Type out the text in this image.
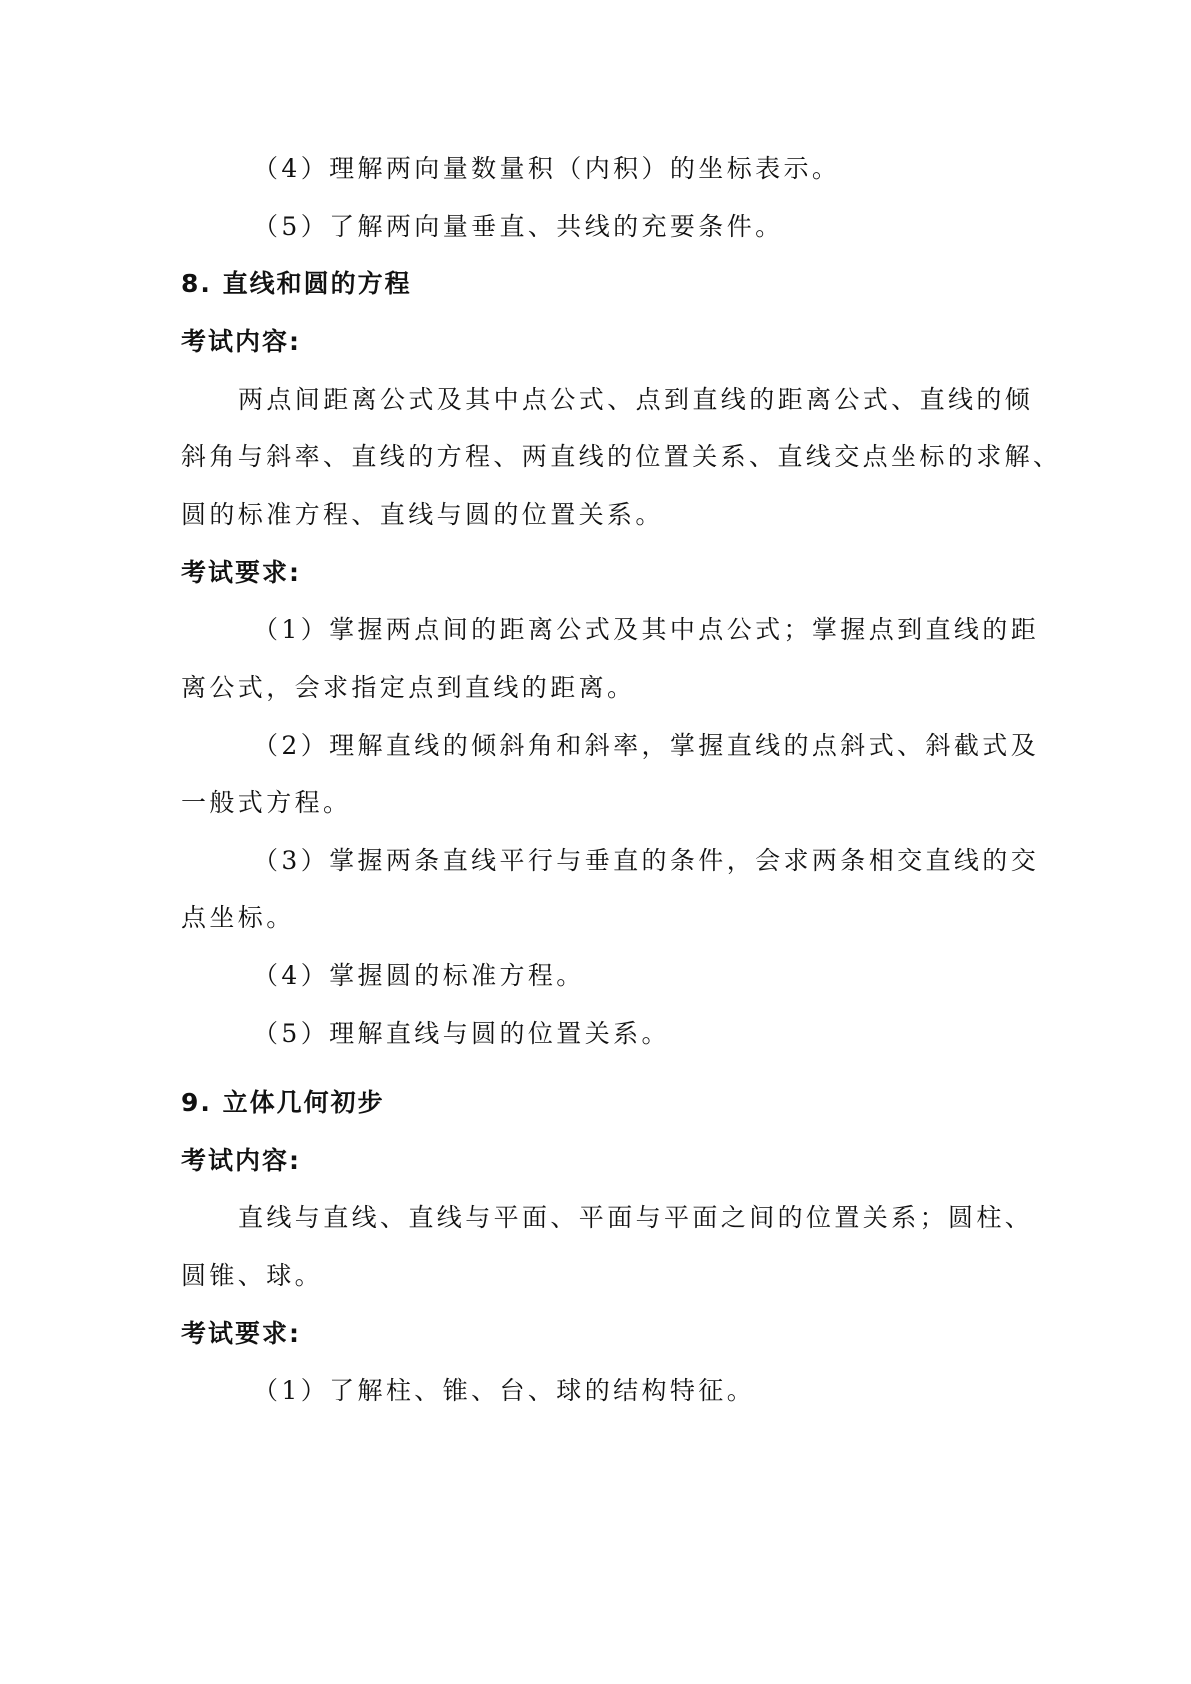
（4）理解两向量数量积（内积）的坐标表示。
（5）了解两向量垂直、共线的充要条件。
8. 直线和圆的方程
考试内容:
两点间距离公式及其中点公式、点到直线的距离公式、直线的倾
斜角与斜率、直线的方程、两直线的位置关系、直线交点坐标的求解、
圆的标准方程、直线与圆的位置关系。
考试要求:
（1）掌握两点间的距离公式及其中点公式；掌握点到直线的距
离公式，会求指定点到直线的距离。
（2）理解直线的倾斜角和斜率，掌握直线的点斜式、斜截式及
一般式方程。
（3）掌握两条直线平行与垂直的条件，会求两条相交直线的交
点坐标。
（4）掌握圆的标准方程。
（5）理解直线与圆的位置关系。
9. 立体几何初步
考试内容:
直线与直线、直线与平面、平面与平面之间的位置关系；圆柱、
圆锥、球。
考试要求:
（1）了解柱、锥、台、球的结构特征。
